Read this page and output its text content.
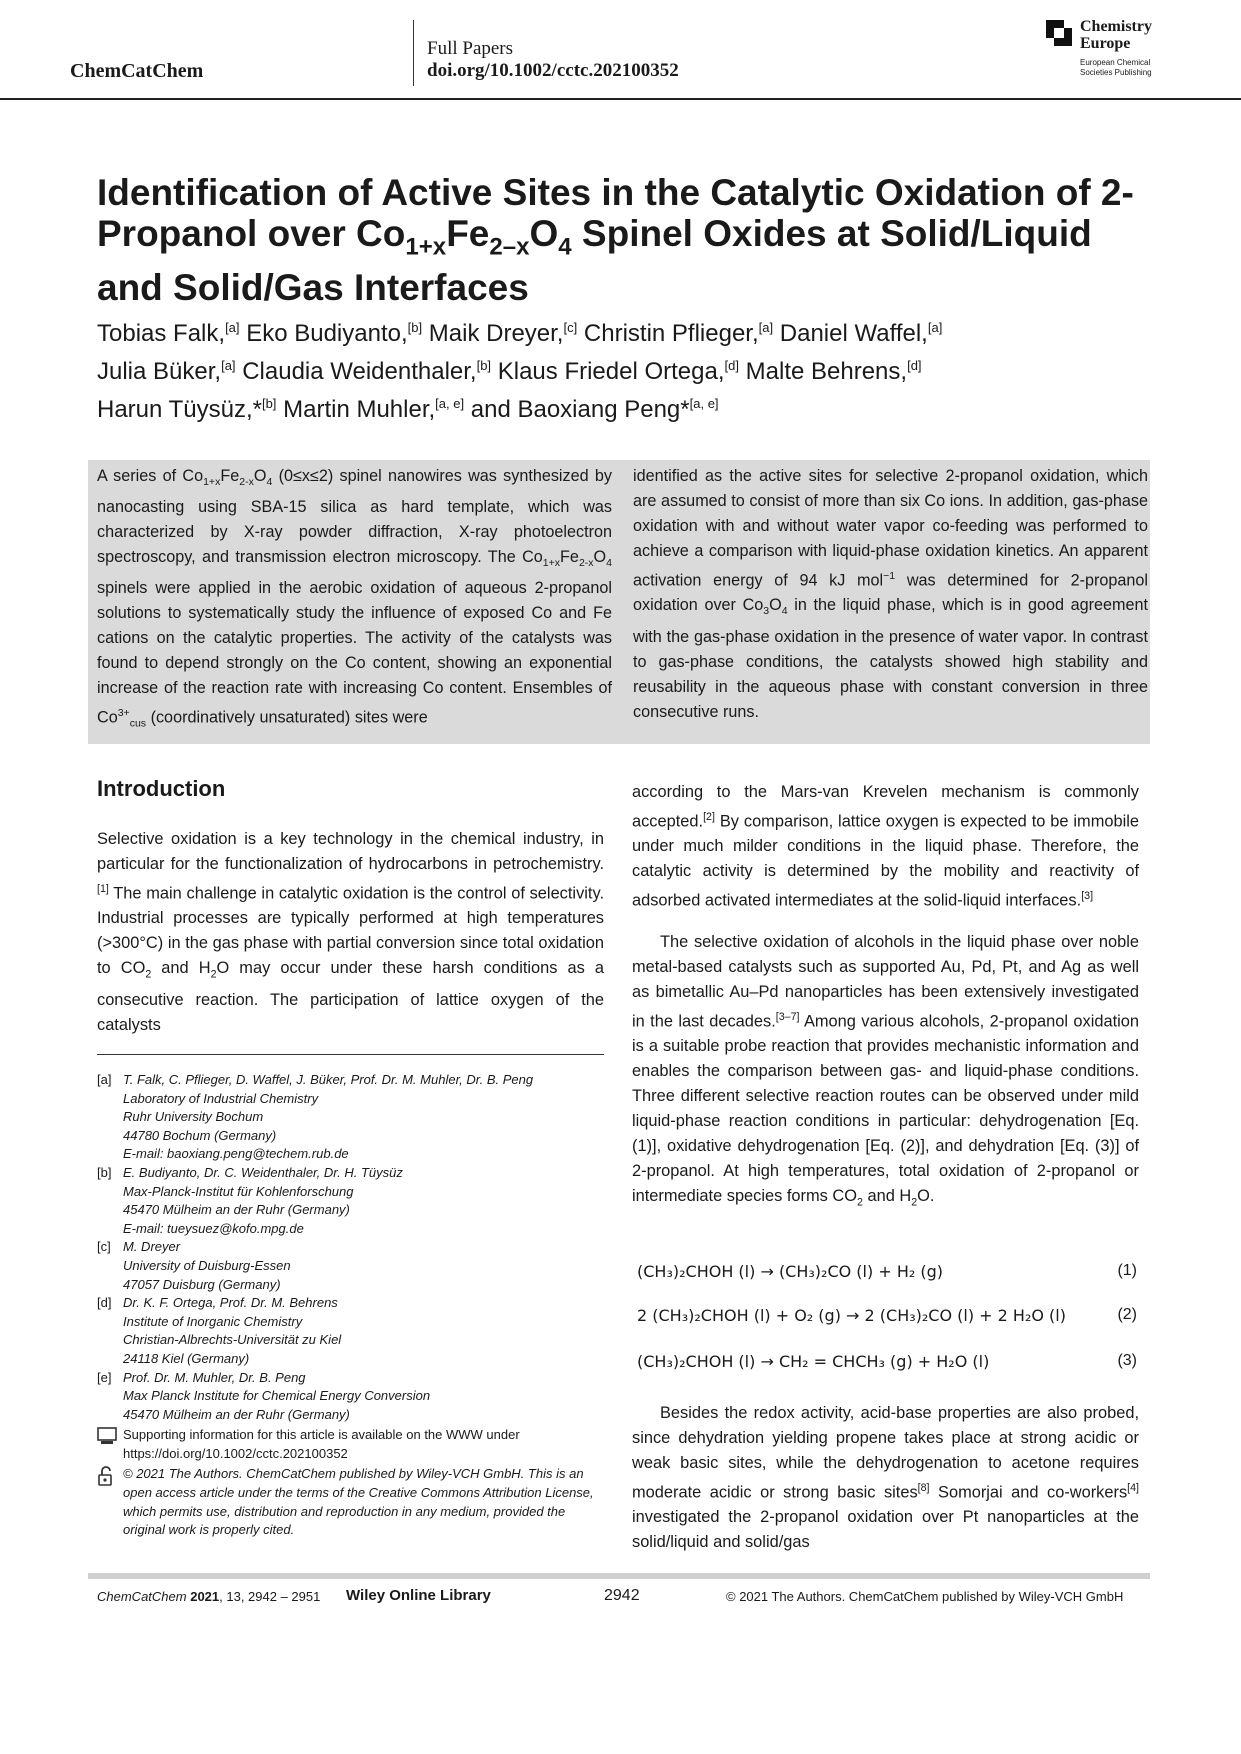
ChemCatChem
Full Papers
doi.org/10.1002/cctc.202100352
Chemistry
Europe
European Chemical
Societies Publishing
Identification of Active Sites in the Catalytic Oxidation of 2-Propanol over $Co_{1+x}Fe_{2-x}O_4$ Spinel Oxides at Solid/Liquid and Solid/Gas Interfaces
Tobias Falk,[a] Eko Budiyanto,[b] Maik Dreyer,[c] Christin Pflieger,[a] Daniel Waffel,[a]
Julia Büker,[a] Claudia Weidenthaler,[b] Klaus Friedel Ortega,[d] Malte Behrens,[d]
Harun Tüysüz,*[b] Martin Muhler,[a, e] and Baoxiang Peng*[a, e]
A series of $Co_{1+x}Fe_{2-x}O_4$ (0≤x≤2) spinel nanowires was synthesized by nanocasting using SBA-15 silica as hard template, which was characterized by X-ray powder diffraction, X-ray photoelectron spectroscopy, and transmission electron microscopy. The $Co_{1+x}Fe_{2-x}O_4$ spinels were applied in the aerobic oxidation of aqueous 2-propanol solutions to systematically study the influence of exposed Co and Fe cations on the catalytic properties. The activity of the catalysts was found to depend strongly on the Co content, showing an exponential increase of the reaction rate with increasing Co content. Ensembles of $Co^{3+}_{cus}$ (coordinatively unsaturated) sites were
identified as the active sites for selective 2-propanol oxidation, which are assumed to consist of more than six Co ions. In addition, gas-phase oxidation with and without water vapor co-feeding was performed to achieve a comparison with liquid-phase oxidation kinetics. An apparent activation energy of 94 kJ mol$^{-1}$ was determined for 2-propanol oxidation over $Co_3O_4$ in the liquid phase, which is in good agreement with the gas-phase oxidation in the presence of water vapor. In contrast to gas-phase conditions, the catalysts showed high stability and reusability in the aqueous phase with constant conversion in three consecutive runs.
Introduction

Selective oxidation is a key technology in the chemical industry, in particular for the functionalization of hydrocarbons in petrochemistry.[1] The main challenge in catalytic oxidation is the control of selectivity. Industrial processes are typically performed at high temperatures (>300°C) in the gas phase with partial conversion since total oxidation to $CO_2$ and $H_2O$ may occur under these harsh conditions as a consecutive reaction. The participation of lattice oxygen of the catalysts

[a] T. Falk, C. Pflieger, D. Waffel, J. Büker, Prof. Dr. M. Muhler, Dr. B. Peng
Laboratory of Industrial Chemistry
Ruhr University Bochum
44780 Bochum (Germany)
E-mail: baoxiang.peng@techem.rub.de
[b] E. Budiyanto, Dr. C. Weidenthaler, Dr. H. Tüysüz
Max-Planck-Institut für Kohlenforschung
45470 Mülheim an der Ruhr (Germany)
E-mail: tueysuez@kofo.mpg.de
[c] M. Dreyer
University of Duisburg-Essen
47057 Duisburg (Germany)
[d] Dr. K. F. Ortega, Prof. Dr. M. Behrens
Institute of Inorganic Chemistry
Christian-Albrechts-Universität zu Kiel
24118 Kiel (Germany)
[e] Prof. Dr. M. Muhler, Dr. B. Peng
Max Planck Institute for Chemical Energy Conversion
45470 Mülheim an der Ruhr (Germany)
Supporting information for this article is available on the WWW under https://doi.org/10.1002/cctc.202100352
© 2021 The Authors. ChemCatChem published by Wiley-VCH GmbH. This is an open access article under the terms of the Creative Commons Attribution License, which permits use, distribution and reproduction in any medium, provided the original work is properly cited.

according to the Mars-van Krevelen mechanism is commonly accepted.[2] By comparison, lattice oxygen is expected to be immobile under much milder conditions in the liquid phase. Therefore, the catalytic activity is determined by the mobility and reactivity of adsorbed activated intermediates at the solid-liquid interfaces.[3]

The selective oxidation of alcohols in the liquid phase over noble metal-based catalysts such as supported Au, Pd, Pt, and Ag as well as bimetallic Au–Pd nanoparticles has been extensively investigated in the last decades.[3–7] Among various alcohols, 2-propanol oxidation is a suitable probe reaction that provides mechanistic information and enables the comparison between gas- and liquid-phase conditions. Three different selective reaction routes can be observed under mild liquid-phase reaction conditions in particular: dehydrogenation [Eq. (1)], oxidative dehydrogenation [Eq. (2)], and dehydration [Eq. (3)] of 2-propanol. At high temperatures, total oxidation of 2-propanol or intermediate species forms $CO_2$ and $H_2O$.

(CH₃)₂CHOH (l) → (CH₃)₂CO (l) + H₂ (g)	(1)
2 (CH₃)₂CHOH (l) + O₂ (g) → 2 (CH₃)₂CO (l) + 2 H₂O (l)	(2)
(CH₃)₂CHOH (l) → CH₂ = CHCH₃ (g) + H₂O (l)	(3)

Besides the redox activity, acid-base properties are also probed, since dehydration yielding propene takes place at strong acidic or weak basic sites, while the dehydrogenation to acetone requires moderate acidic or strong basic sites[8] Somorjai and co-workers[4] investigated the 2-propanol oxidation over Pt nanoparticles at the solid/liquid and solid/gas

ChemCatChem 2021, 13, 2942 – 2951 Wiley Online Library	2942	© 2021 The Authors. ChemCatChem published by Wiley-VCH GmbH
